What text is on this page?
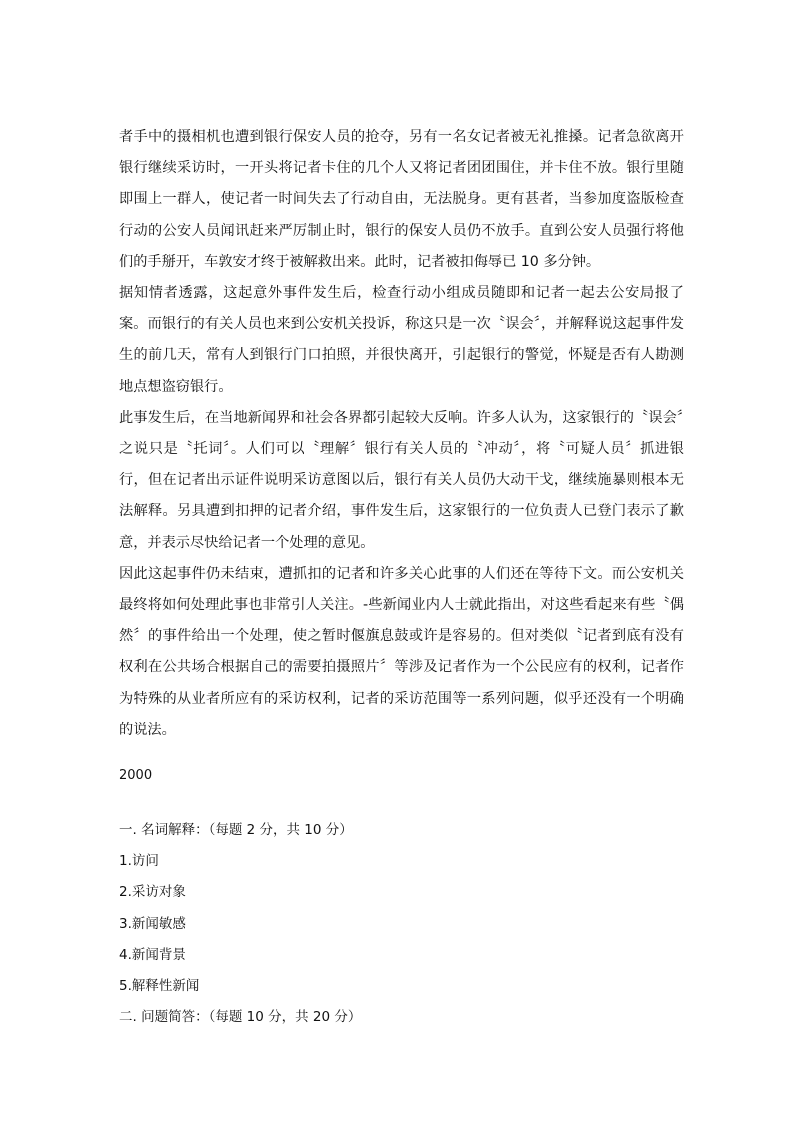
者手中的摄相机也遭到银行保安人员的抢夺，另有一名女记者被无礼推搡。记者急欲离开银行继续采访时，一开头将记者卡住的几个人又将记者团团围住，并卡住不放。银行里随即围上一群人，使记者一时间失去了行动自由，无法脱身。更有甚者，当参加度盗版检查行动的公安人员闻讯赶来严厉制止时，银行的保安人员仍不放手。直到公安人员强行将他们的手掰开，车敦安才终于被解救出来。此时，记者被扣侮辱已 10 多分钟。

据知情者透露，这起意外事件发生后，检查行动小组成员随即和记者一起去公安局报了案。而银行的有关人员也来到公安机关投诉，称这只是一次〝误会〞，并解释说这起事件发生的前几天，常有人到银行门口拍照，并很快离开，引起银行的警觉，怀疑是否有人勘测地点想盗窃银行。

此事发生后，在当地新闻界和社会各界都引起较大反响。许多人认为，这家银行的〝误会〞之说只是〝托词〞。人们可以〝理解〞银行有关人员的〝冲动〞，将〝可疑人员〞抓进银行，但在记者出示证件说明采访意图以后，银行有关人员仍大动干戈，继续施暴则根本无法解释。另具遭到扣押的记者介绍，事件发生后，这家银行的一位负责人已登门表示了歉意，并表示尽快给记者一个处理的意见。

因此这起事件仍未结束，遭抓扣的记者和许多关心此事的人们还在等待下文。而公安机关最终将如何处理此事也非常引人关注。-些新闻业内人士就此指出，对这些看起来有些〝偶然〞的事件给出一个处理，使之暂时偃旗息鼓或许是容易的。但对类似〝记者到底有没有权利在公共场合根据自己的需要拍摄照片〞等涉及记者作为一个公民应有的权利，记者作为特殊的从业者所应有的采访权利，记者的采访范围等一系列问题，似乎还没有一个明确的说法。

2000

一. 名词解释：（每题 2 分，共 10 分）

1.访问

2.采访对象

3.新闻敏感

4.新闻背景

5.解释性新闻

二. 问题简答：（每题 10 分，共 20 分）
